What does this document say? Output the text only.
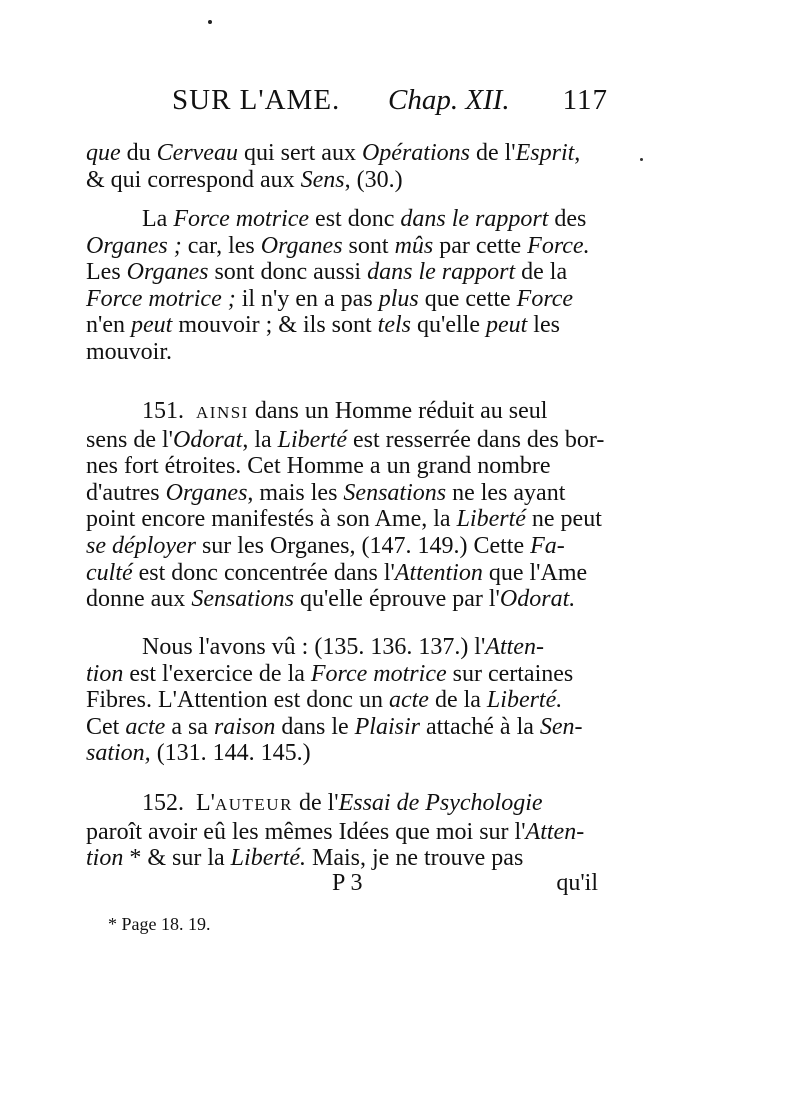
SUR L'AME. Chap. XII. 117

que du Cerveau qui sert aux Opérations de l'Esprit,

& qui correspond aux Sens, (30.)

La Force motrice est donc dans le rapport des

Organes ; car, les Organes sont mûs par cette Force.

Les Organes sont donc aussi dans le rapport de la

Force motrice ; il n'y en a pas plus que cette Force

n'en peut mouvoir ; & ils sont tels qu'elle peut les

mouvoir.

151. AINSI dans un Homme réduit au seul

sens de l'Odorat, la Liberté est resserrée dans des bor-

nes fort étroites. Cet Homme a un grand nombre

d'autres Organes, mais les Sensations ne les ayant

point encore manifestés à son Ame, la Liberté ne peut

se déployer sur les Organes, (147. 149.) Cette Fa-

culté est donc concentrée dans l'Attention que l'Ame

donne aux Sensations qu'elle éprouve par l'Odorat.

Nous l'avons vû : (135. 136. 137.) l'Atten-

tion est l'exercice de la Force motrice sur certaines

Fibres. L'Attention est donc un acte de la Liberté.

Cet acte a sa raison dans le Plaisir attaché à la Sen-

sation, (131. 144. 145.)

152.  L'AUTEUR de l'Essai de Psychologie

paroît avoir eû les mêmes Idées que moi sur l'Atten-

tion * & sur la Liberté. Mais, je ne trouve pas

P 3	qu'il
* Page 18. 19.
